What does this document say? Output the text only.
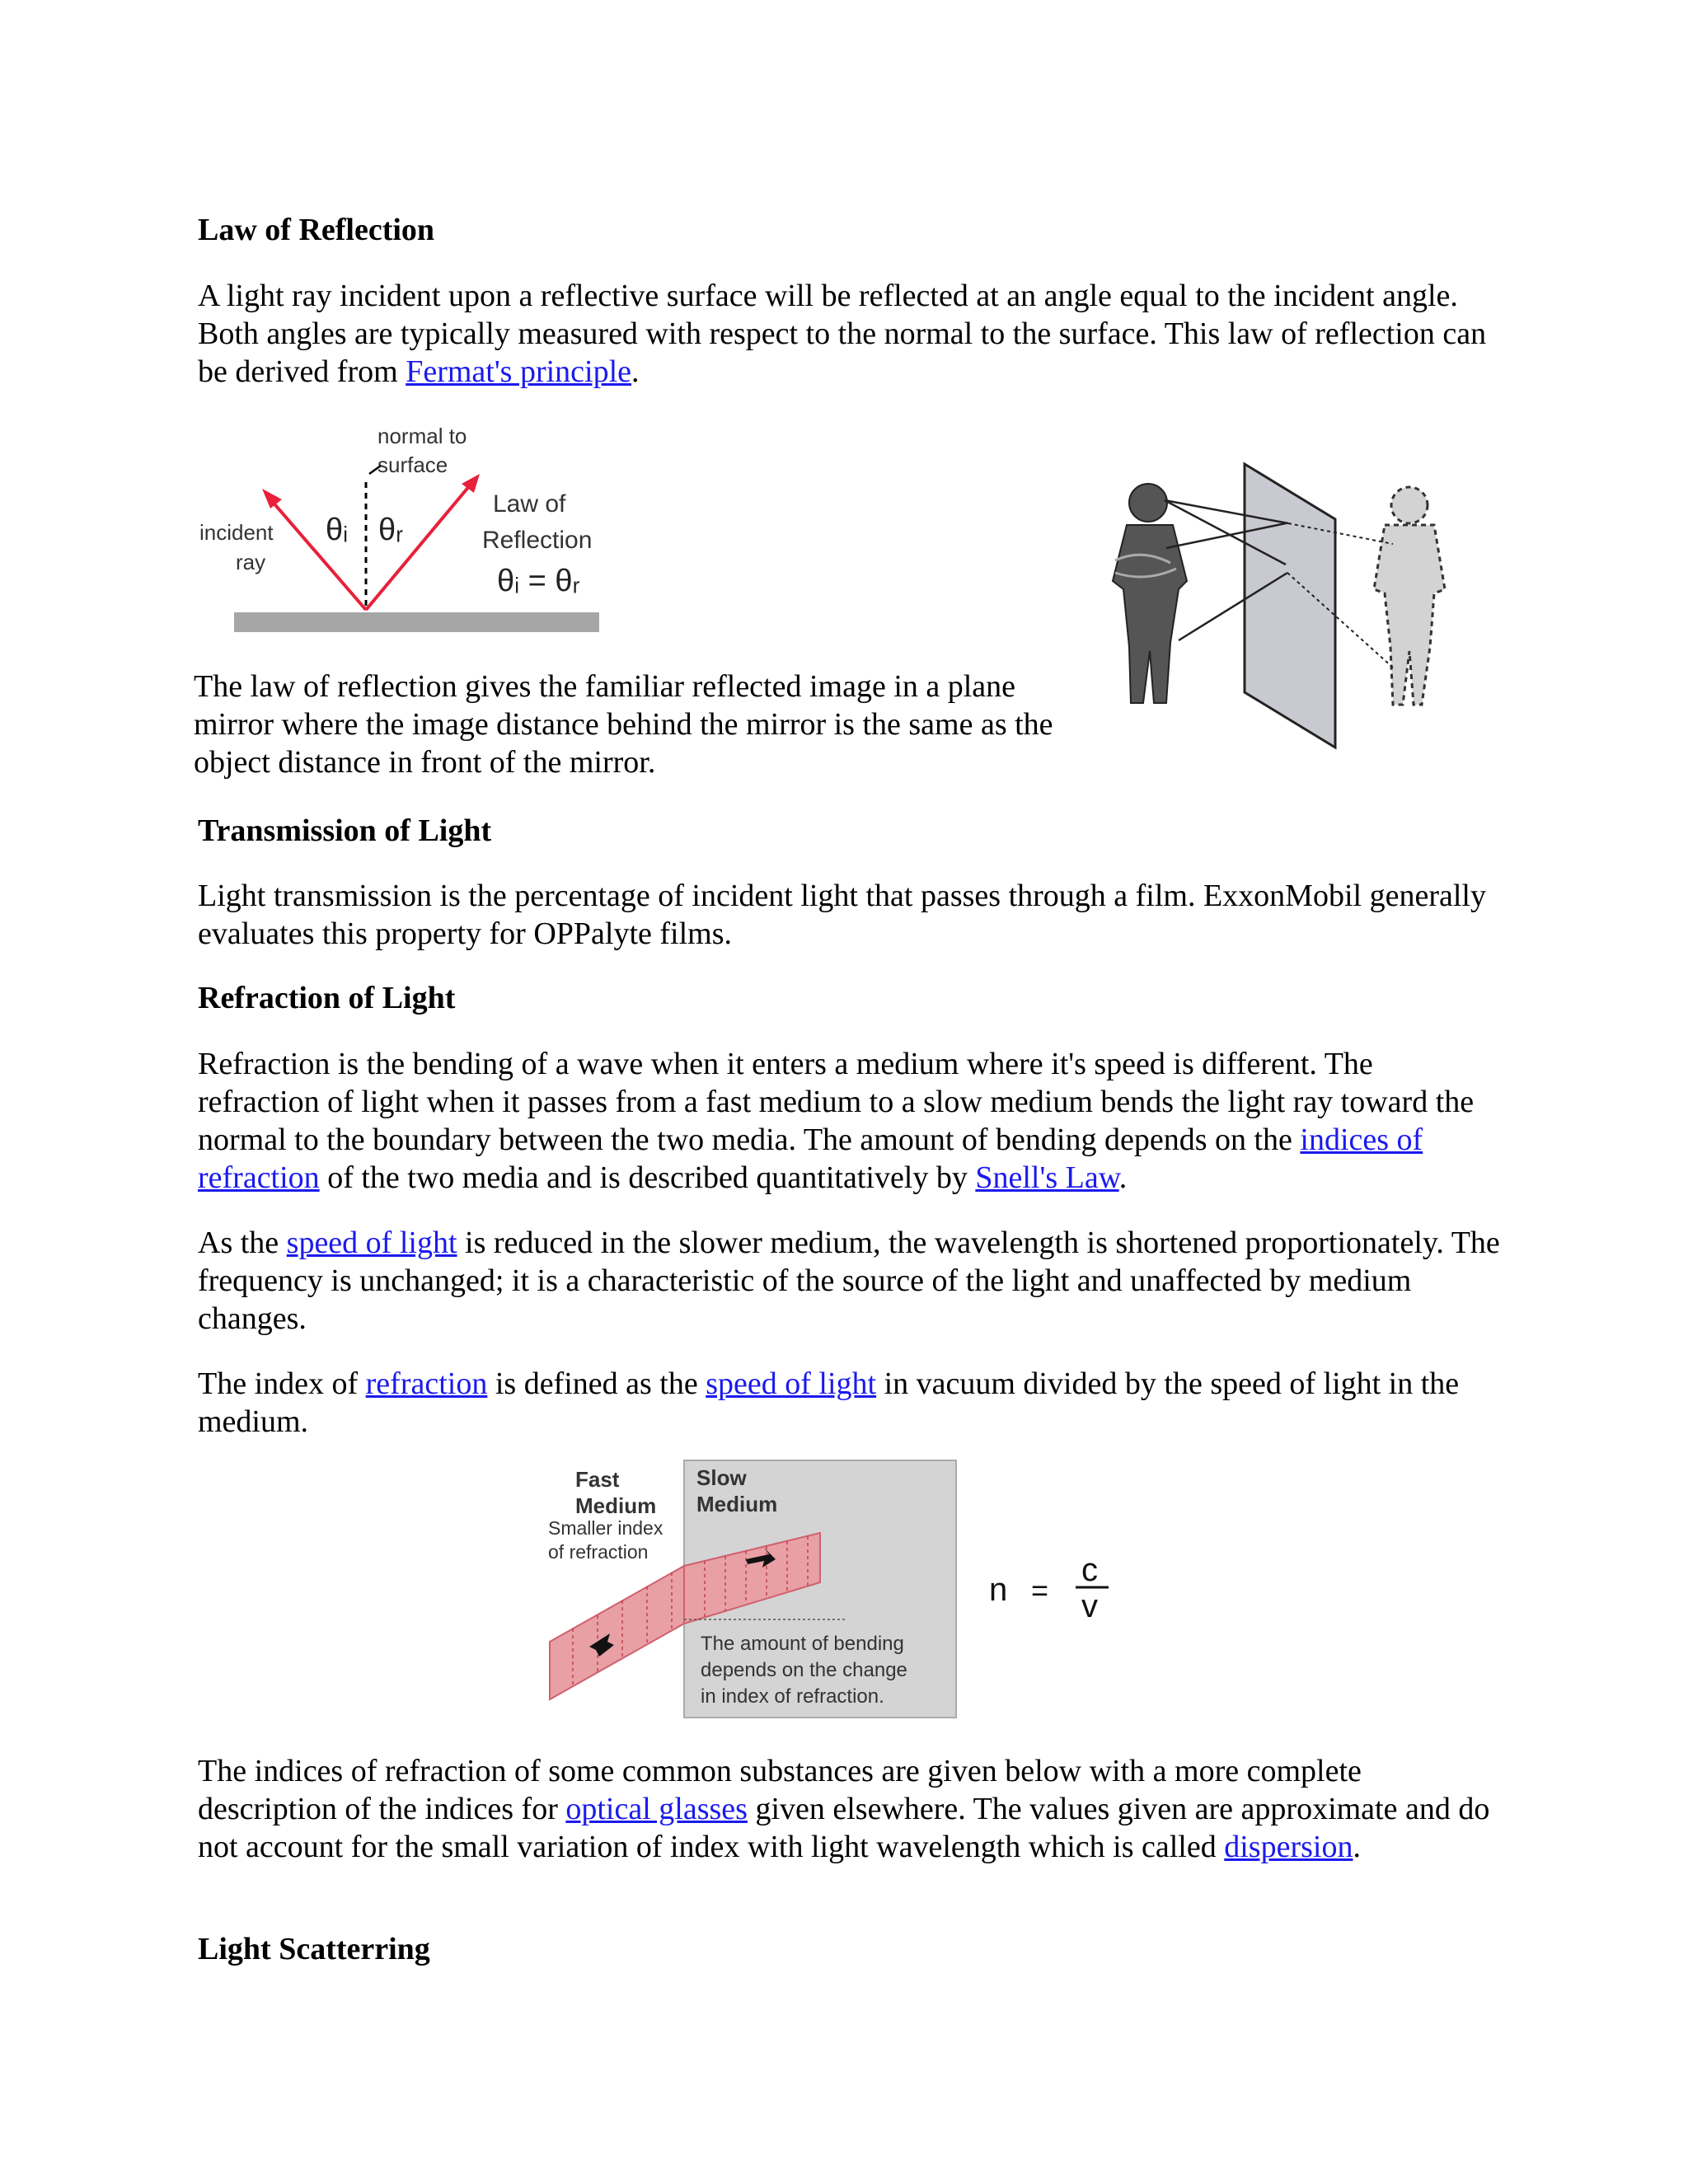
Law of Reflection

A light ray incident upon a reflective surface will be reflected at an angle equal to the incident angle. Both angles are typically measured with respect to the normal to the surface. This law of reflection can be derived from Fermat's principle.

normal to
surface
incident
ray
θᵢ θᵣ
Law of
Reflection
θᵢ = θᵣ

The law of reflection gives the familiar reflected image in a plane mirror where the image distance behind the mirror is the same as the object distance in front of the mirror.

Transmission of Light

Light transmission is the percentage of incident light that passes through a film. ExxonMobil generally evaluates this property for OPPalyte films.

Refraction of Light

Refraction is the bending of a wave when it enters a medium where it's speed is different. The refraction of light when it passes from a fast medium to a slow medium bends the light ray toward the normal to the boundary between the two media. The amount of bending depends on the indices of refraction of the two media and is described quantitatively by Snell's Law.

As the speed of light is reduced in the slower medium, the wavelength is shortened proportionately. The frequency is unchanged; it is a characteristic of the source of the light and unaffected by medium changes.

The index of refraction is defined as the speed of light in vacuum divided by the speed of light in the medium.

Fast
Medium
Smaller index
of refraction
Slow
Medium
The amount of bending
depends on the change
in index of refraction.
n =
c
v

The indices of refraction of some common substances are given below with a more complete description of the indices for optical glasses given elsewhere. The values given are approximate and do not account for the small variation of index with light wavelength which is called dispersion.

Light Scatterring
